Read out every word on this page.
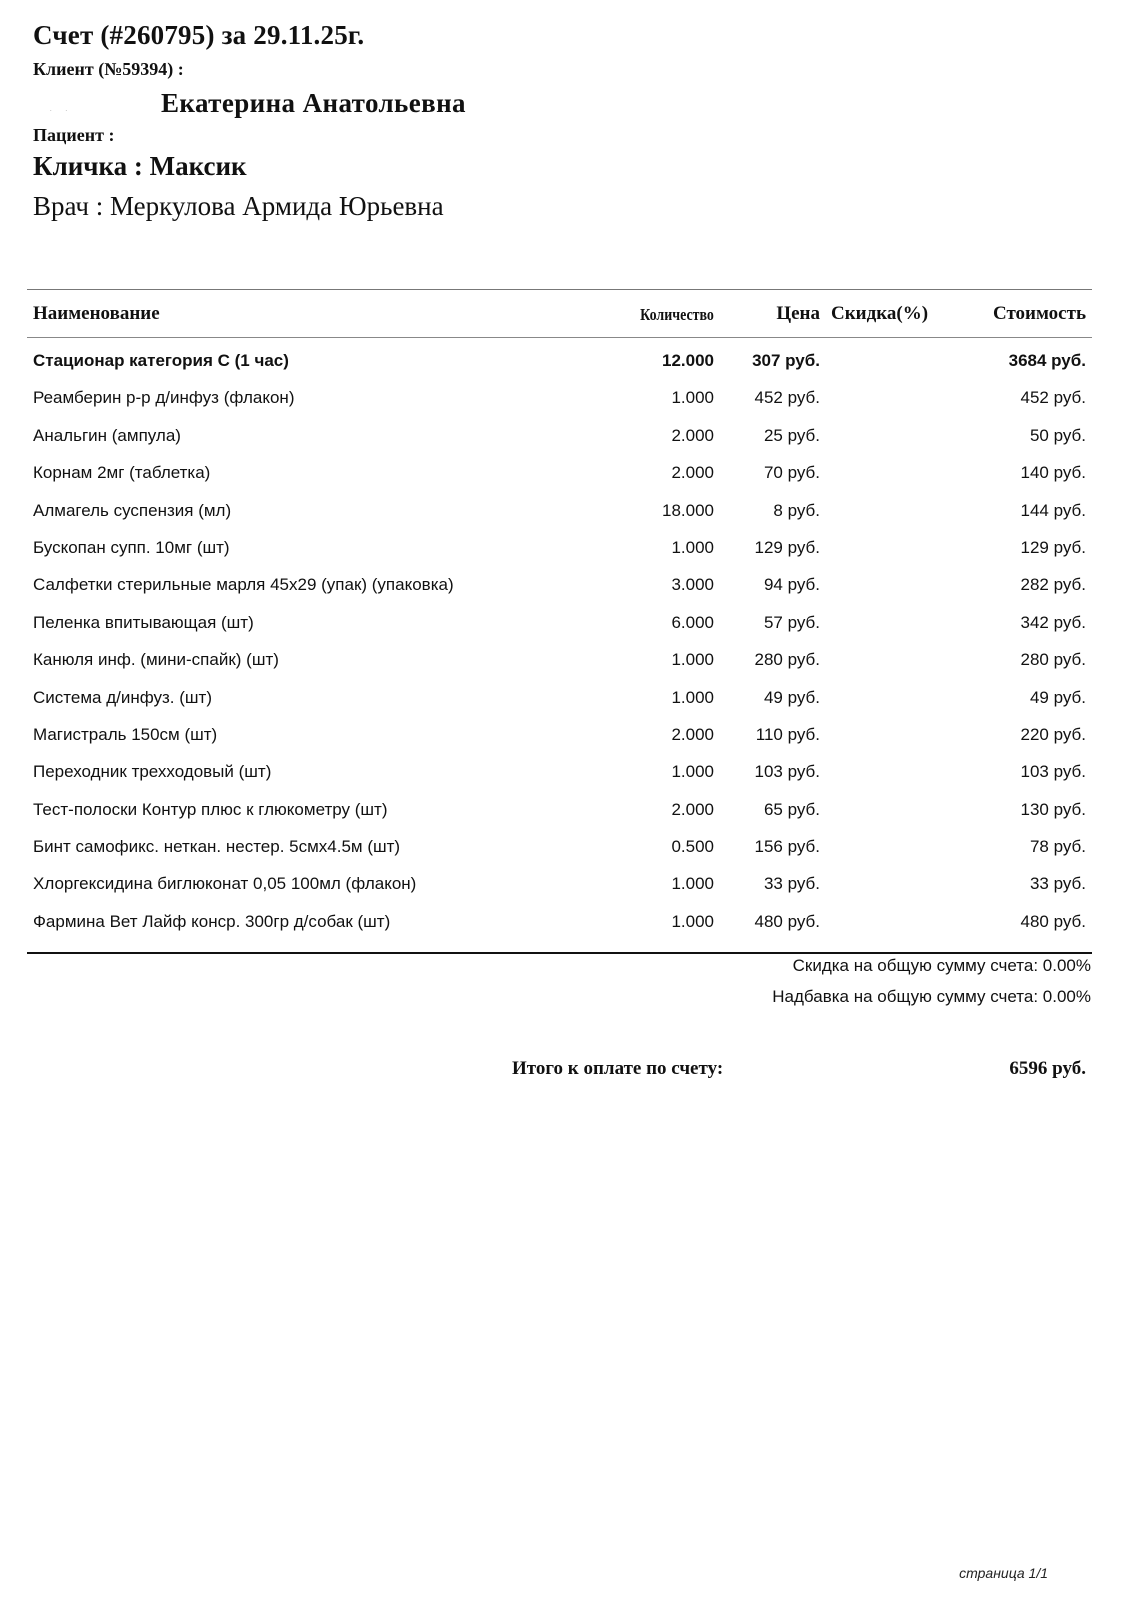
Счет (#260795) за 29.11.25г.
Клиент (№59394) :
. .	Екатерина Анатольевна
Пациент :
Кличка : Максик
Врач : Меркулова Армида Юрьевна
Наименование	Количество	Цена Скидка(%)	Стоимость
Стационар категория С (1 час)	12.000 307 руб.	3684 руб.
Реамберин р-р д/инфуз (флакон)	1.000 452 руб.	452 руб.
Анальгин (ампула)	2.000	25 руб.	50 руб.
Корнам 2мг (таблетка)	2.000	70 руб.	140 руб.
Алмагель суспензия (мл)	18.000	8 руб.	144 руб.
Бускопан супп. 10мг (шт)	1.000 129 руб.	129 руб.
Салфетки стерильные марля 45х29 (упак) (упаковка)	3.000	94 руб.	282 руб.
Пеленка впитывающая (шт)	6.000	57 руб.	342 руб.
Канюля инф. (мини-спайк) (шт)	1.000 280 руб.	280 руб.
Система д/инфуз. (шт)	1.000	49 руб.	49 руб.
Магистраль 150см (шт)	2.000 110 руб.	220 руб.
Переходник трехходовый (шт)	1.000 103 руб.	103 руб.
Тест-полоски Контур плюс к глюкометру (шт)	2.000	65 руб.	130 руб.
Бинт самофикс. неткан. нестер. 5смх4.5м (шт)	0.500 156 руб.	78 руб.
Хлоргексидина биглюконат 0,05 100мл (флакон)	1.000	33 руб.	33 руб.
Фармина Вет Лайф конср. 300гр д/собак (шт)	1.000 480 руб.	480 руб.
Скидка на общую сумму счета: 0.00%
Надбавка на общую сумму счета: 0.00%
Итого к оплате по счету:	6596 руб.
страница 1/1
